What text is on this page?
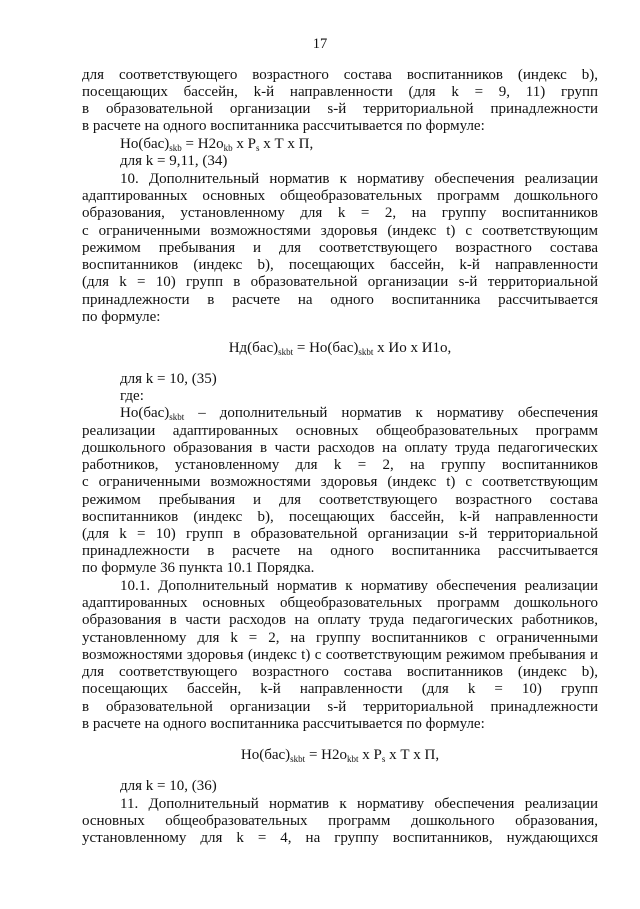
17
для соответствующего возрастного состава воспитанников (индекс b),
посещающих бассейн, k-й направленности (для k = 9, 11) групп
в образовательной организации s-й территориальной принадлежности
в расчете на одного воспитанника рассчитывается по формуле:
$Но(бас)_{skb} = Н2о_{kb}$ х $P_s$ х Т х П,
для k = 9,11, (34)
10. Дополнительный норматив к нормативу обеспечения реализации
адаптированных основных общеобразовательных программ дошкольного
образования, установленному для k = 2, на группу воспитанников
с ограниченными возможностями здоровья (индекс t) с соответствующим
режимом пребывания и для соответствующего возрастного состава
воспитанников (индекс b), посещающих бассейн, k-й направленности
(для k = 10) групп в образовательной организации s-й территориальной
принадлежности в расчете на одного воспитанника рассчитывается
по формуле:
$Нд(бас)_{skbt} = Но(бас)_{skbt}$ х Ио х И1о,
для k = 10, (35)
где:
$Но(бас)_{skbt}$ – дополнительный норматив к нормативу обеспечения
реализации адаптированных основных общеобразовательных программ
дошкольного образования в части расходов на оплату труда педагогических
работников, установленному для k = 2, на группу воспитанников
с ограниченными возможностями здоровья (индекс t) с соответствующим
режимом пребывания и для соответствующего возрастного состава
воспитанников (индекс b), посещающих бассейн, k-й направленности
(для k = 10) групп в образовательной организации s-й территориальной
принадлежности в расчете на одного воспитанника рассчитывается
по формуле 36 пункта 10.1 Порядка.
10.1. Дополнительный норматив к нормативу обеспечения реализации
адаптированных основных общеобразовательных программ дошкольного
образования в части расходов на оплату труда педагогических работников,
установленному для k = 2, на группу воспитанников с ограниченными
возможностями здоровья (индекс t) с соответствующим режимом пребывания и
для соответствующего возрастного состава воспитанников (индекс b),
посещающих бассейн, k-й направленности (для k = 10) групп
в образовательной организации s-й территориальной принадлежности
в расчете на одного воспитанника рассчитывается по формуле:
$Но(бас)_{skbt} = Н2о_{kbt}$ х $P_s$ х Т х П,
для k = 10, (36)
11. Дополнительный норматив к нормативу обеспечения реализации
основных общеобразовательных программ дошкольного образования,
установленному для k = 4, на группу воспитанников, нуждающихся
